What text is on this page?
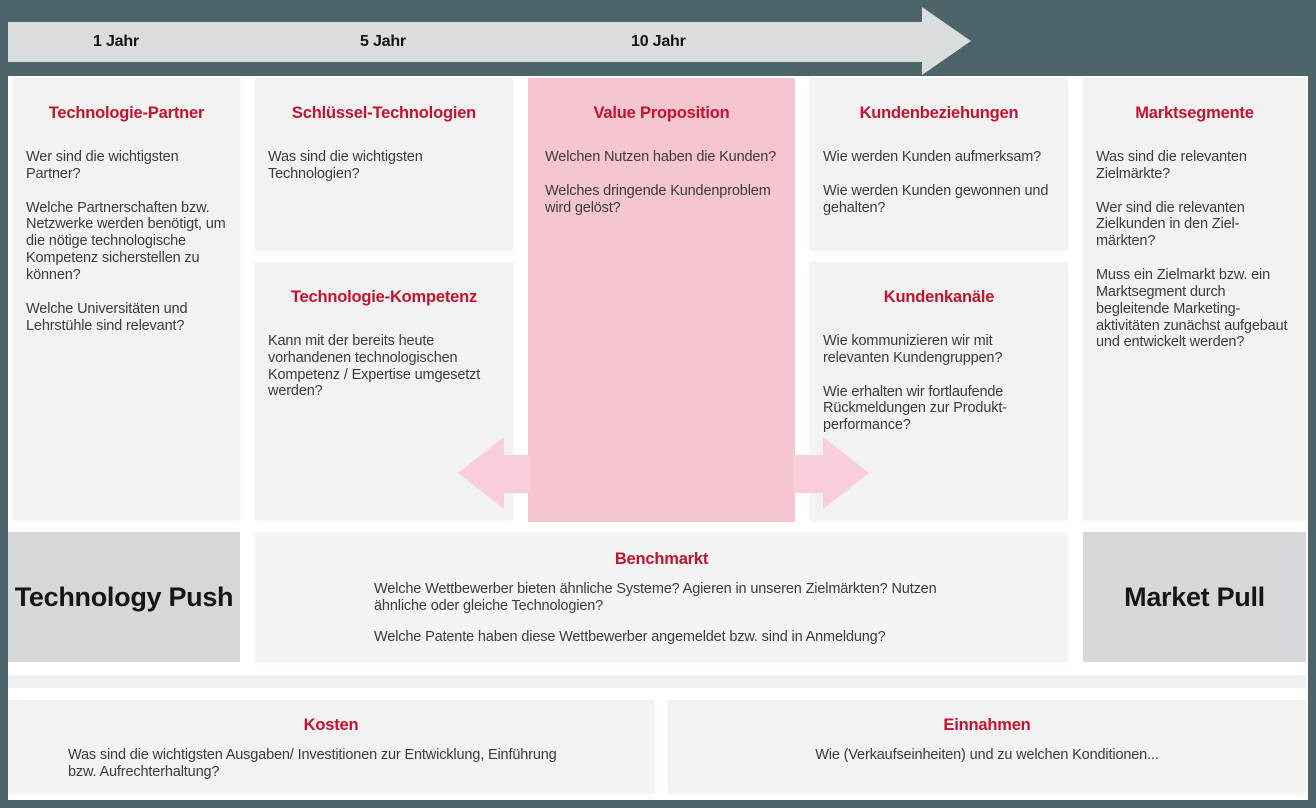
1 Jahr	5 Jahr	10 Jahr
Technologie-Partner

Wer sind die wichtigsten Partner?

Welche Partnerschaften bzw. Netzwerke werden benötigt, um die nötige technologische Kompetenz sicherstellen zu können?

Welche Universitäten und Lehrstühle sind relevant?

Schlüssel-Technologien

Was sind die wichtigsten Technologien?

Technologie-Kompetenz

Kann mit der bereits heute vorhandenen technologischen Kompetenz / Expertise umgesetzt werden?

Value Proposition

Welchen Nutzen haben die Kunden?

Welches dringende Kundenproblem wird gelöst?

Kundenbeziehungen

Wie werden Kunden aufmerksam?

Wie werden Kunden gewonnen und gehalten?

Kundenkanäle

Wie kommunizieren wir mit relevanten Kundengruppen?

Wie erhalten wir fortlaufende Rückmeldungen zur Produkt-performance?

Marktsegmente

Was sind die relevanten Zielmärkte?

Wer sind die relevanten Zielkunden in den Ziel-märkten?

Muss ein Zielmarkt bzw. ein Marktsegment durch begleitende Marketing-aktivitäten zunächst aufgebaut und entwickelt werden?

Technology Push
Benchmarkt

Welche Wettbewerber bieten ähnliche Systeme? Agieren in unseren Zielmärkten? Nutzen ähnliche oder gleiche Technologien?

Welche Patente haben diese Wettbewerber angemeldet bzw. sind in Anmeldung?

Market Pull
Kosten

Was sind die wichtigsten Ausgaben/ Investitionen zur Entwicklung, Einführung bzw. Aufrechterhaltung?

Einnahmen

Wie (Verkaufseinheiten) und zu welchen Konditionen...
